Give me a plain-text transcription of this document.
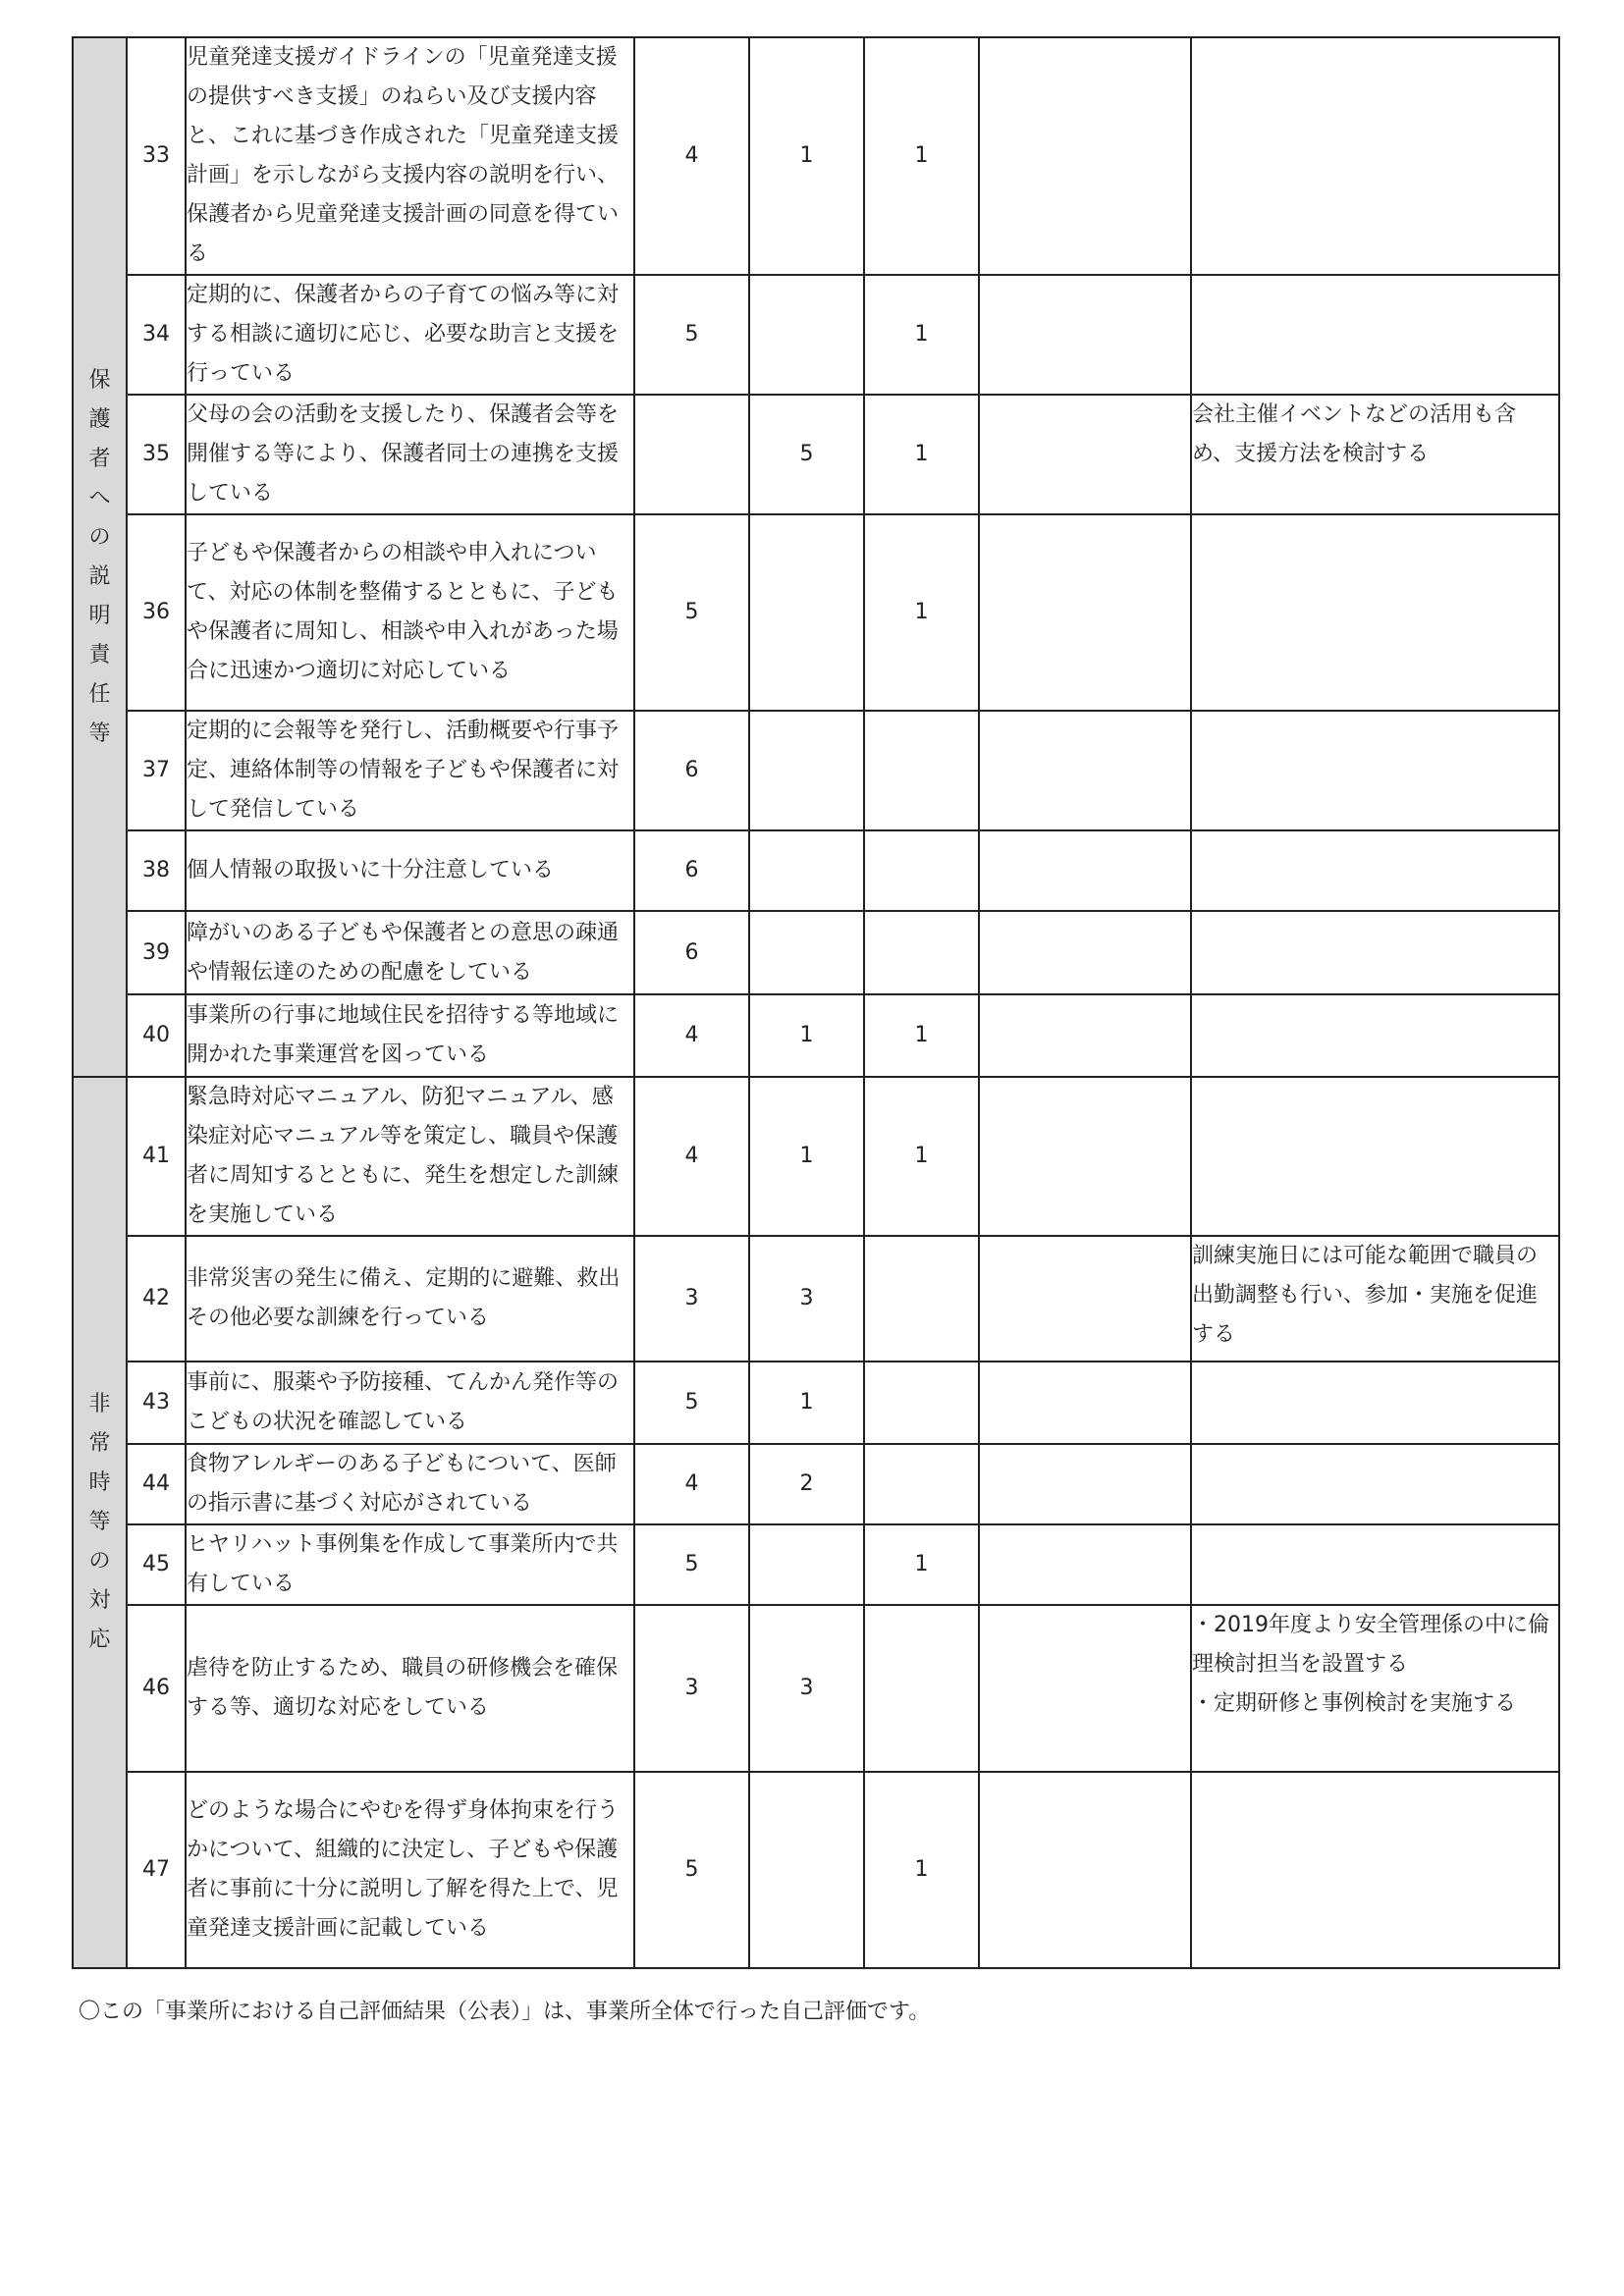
保護者への説明責任等	33	児童発達支援ガイドラインの「児童発達支援の提供すべき支援」のねらい及び支援内容と、これに基づき作成された「児童発達支援計画」を示しながら支援内容の説明を行い、保護者から児童発達支援計画の同意を得ている	4	1	1		
	34	定期的に、保護者からの子育ての悩み等に対する相談に適切に応じ、必要な助言と支援を行っている	5		1		
	35	父母の会の活動を支援したり、保護者会等を開催する等により、保護者同士の連携を支援している		5	1		会社主催イベントなどの活用も含め、支援方法を検討する
	36	子どもや保護者からの相談や申入れについて、対応の体制を整備するとともに、子どもや保護者に周知し、相談や申入れがあった場合に迅速かつ適切に対応している	5		1		
	37	定期的に会報等を発行し、活動概要や行事予定、連絡体制等の情報を子どもや保護者に対して発信している	6				
	38	個人情報の取扱いに十分注意している	6				
	39	障がいのある子どもや保護者との意思の疎通や情報伝達のための配慮をしている	6				
	40	事業所の行事に地域住民を招待する等地域に開かれた事業運営を図っている	4	1	1		

非常時等の対応	41	緊急時対応マニュアル、防犯マニュアル、感染症対応マニュアル等を策定し、職員や保護者に周知するとともに、発生を想定した訓練を実施している	4	1	1		
	42	非常災害の発生に備え、定期的に避難、救出その他必要な訓練を行っている	3	3			訓練実施日には可能な範囲で職員の出勤調整も行い、参加・実施を促進する
	43	事前に、服薬や予防接種、てんかん発作等のこどもの状況を確認している	5	1			
	44	食物アレルギーのある子どもについて、医師の指示書に基づく対応がされている	4	2			
	45	ヒヤリハット事例集を作成して事業所内で共有している	5		1		
	46	虐待を防止するため、職員の研修機会を確保する等、適切な対応をしている	3	3			・2019年度より安全管理係の中に倫理検討担当を設置する
・定期研修と事例検討を実施する
	47	どのような場合にやむを得ず身体拘束を行うかについて、組織的に決定し、子どもや保護者に事前に十分に説明し了解を得た上で、児童発達支援計画に記載している	5		1		
〇この「事業所における自己評価結果（公表）」は、事業所全体で行った自己評価です。
